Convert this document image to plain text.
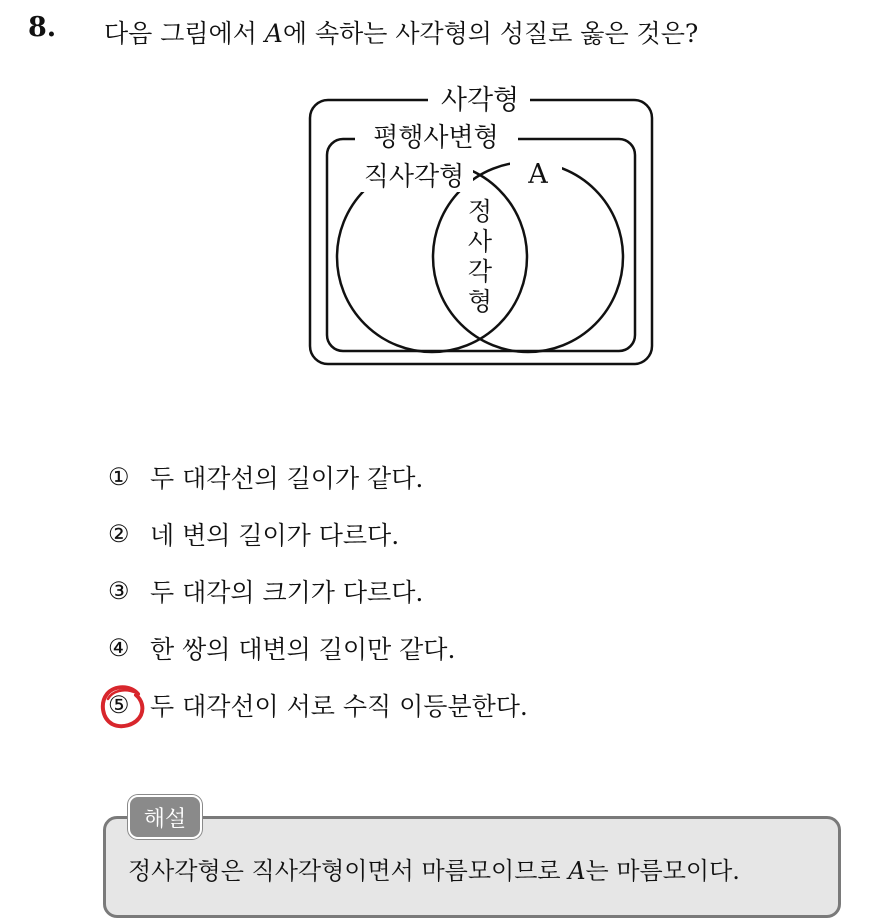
8. 다음 그림에서 A에 속하는 사각형의 성질로 옳은 것은?
사각형
평행사변형
직사각형 A
정
사
각
형
① 두 대각선의 길이가 같다.
② 네 변의 길이가 다르다.
③ 두 대각의 크기가 다르다.
④ 한 쌍의 대변의 길이만 같다.
⑤ 두 대각선이 서로 수직 이등분한다.
해설
정사각형은 직사각형이면서 마름모이므로 A는 마름모이다.
